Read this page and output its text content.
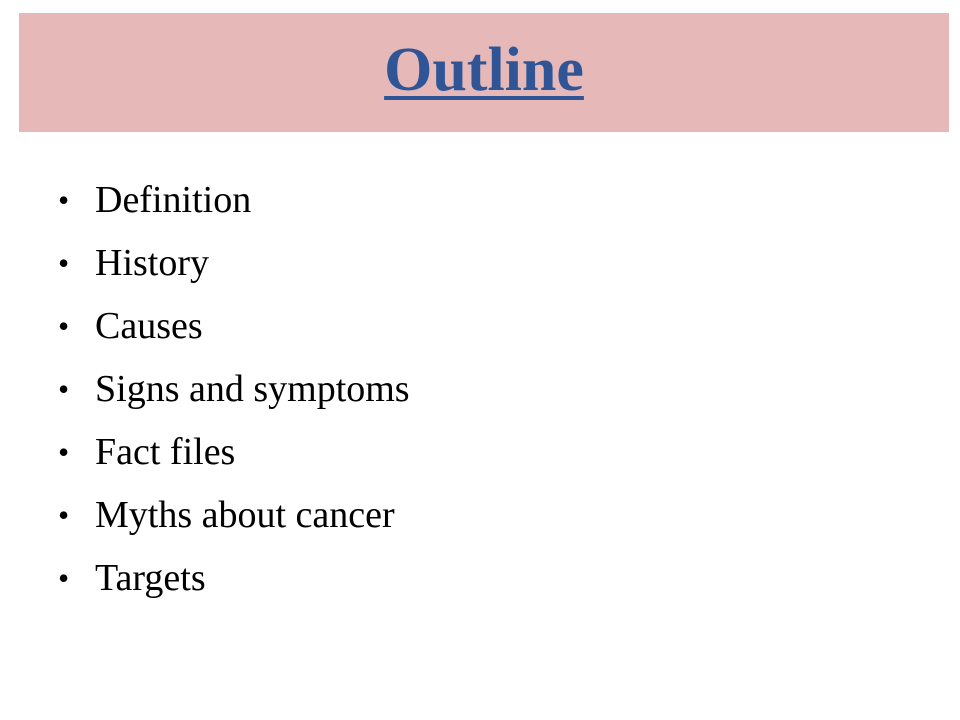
Outline
• Definition
• History
• Causes
• Signs and symptoms
• Fact files
• Myths about cancer
• Targets
